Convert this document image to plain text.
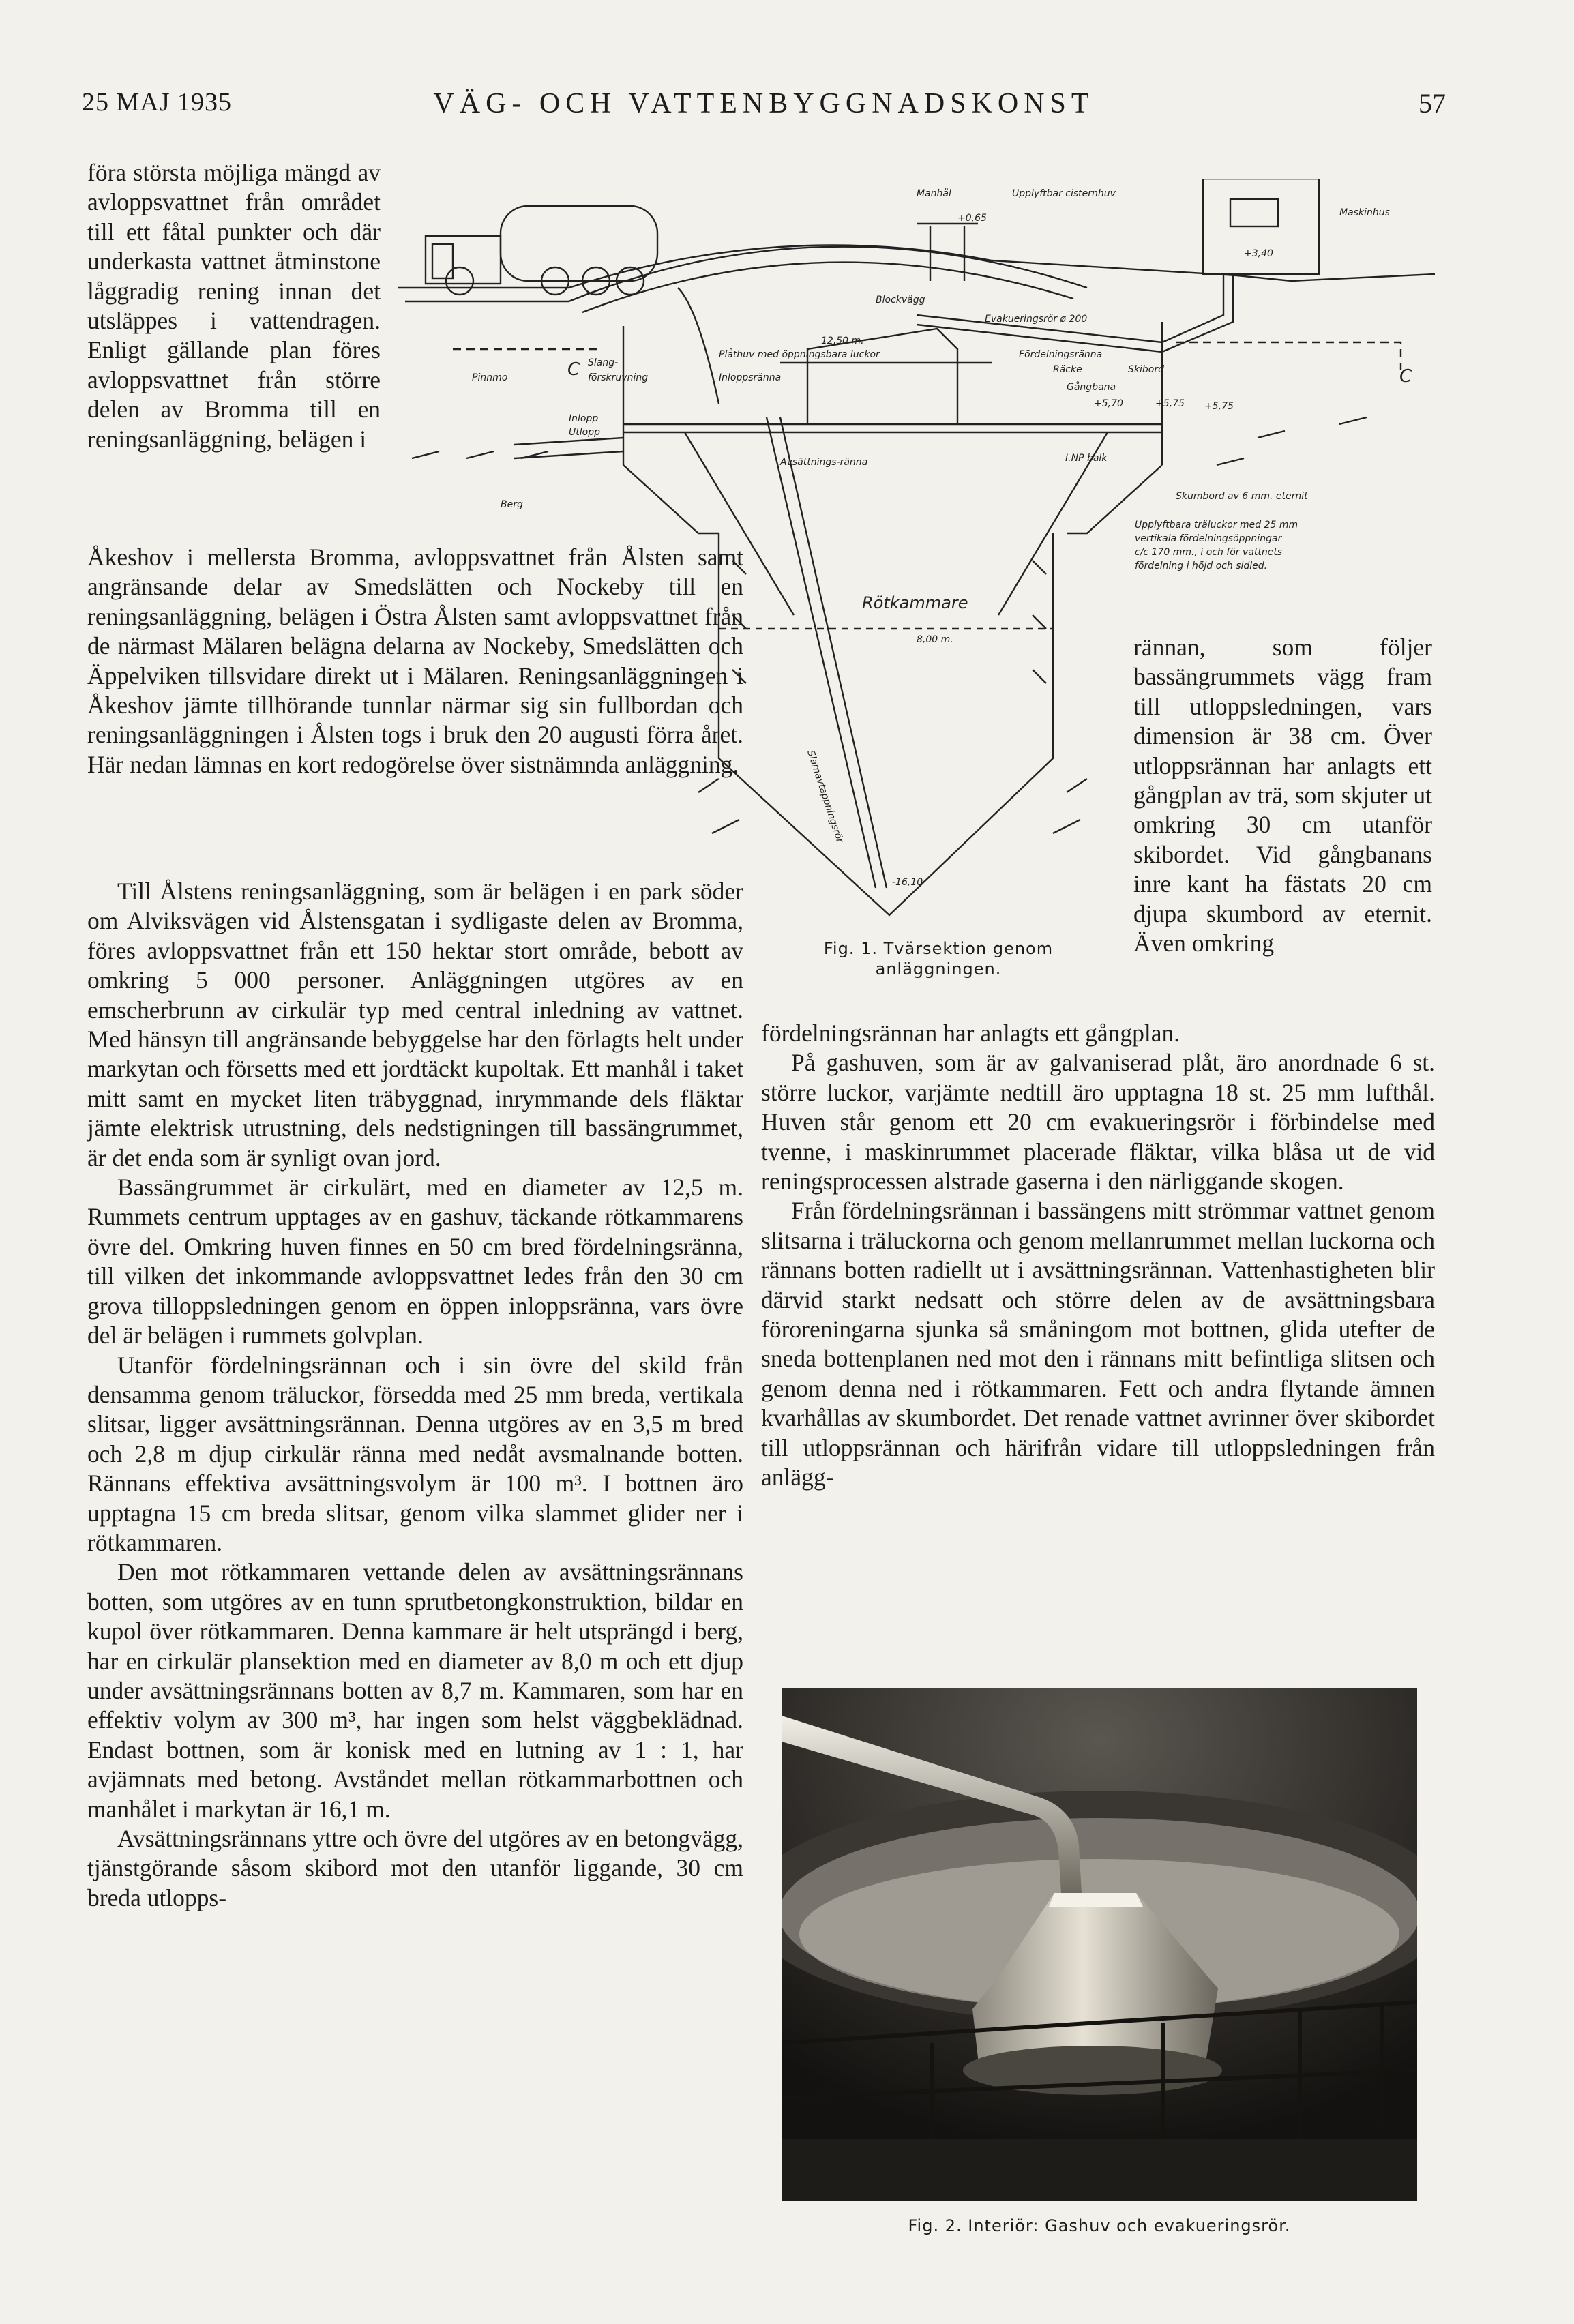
25 MAJ 1935	VÄG- OCH VATTENBYGGNADSKONST	57

föra största möjliga mängd av avloppsvattnet från området till ett fåtal punkter och där underkasta vattnet åtminstone låggradig rening innan det utsläppes i vattendragen. Enligt gällande plan föres avloppsvattnet från större delen av Bromma till en reningsanläggning, belägen i

Åkeshov i mellersta Bromma, avloppsvattnet från Ålsten samt angränsande delar av Smedslätten och Nockeby till en reningsanläggning, belägen i Östra Ålsten samt avloppsvattnet från de närmast Mälaren belägna delarna av Nockeby, Smedslätten och Äppelviken tillsvidare direkt ut i Mälaren. Reningsanläggningen i Åkeshov jämte tillhörande tunnlar närmar sig sin fullbordan och reningsanläggningen i Ålsten togs i bruk den 20 augusti förra året. Här nedan lämnas en kort redogörelse över sistnämnda anläggning.

Till Ålstens reningsanläggning, som är belägen i en park söder om Alviksvägen vid Ålstensgatan i sydligaste delen av Bromma, föres avloppsvattnet från ett 150 hektar stort område, bebott av omkring 5 000 personer. Anläggningen utgöres av en emscherbrunn av cirkulär typ med central inledning av vattnet. Med hänsyn till angränsande bebyggelse har den förlagts helt under markytan och försetts med ett jordtäckt kupoltak. Ett manhål i taket mitt samt en mycket liten träbyggnad, inrymmande dels fläktar jämte elektrisk utrustning, dels nedstigningen till bassängrummet, är det enda som är synligt ovan jord.

Bassängrummet är cirkulärt, med en diameter av 12,5 m. Rummets centrum upptages av en gashuv, täckande rötkammarens övre del. Omkring huven finnes en 50 cm bred fördelningsränna, till vilken det inkommande avloppsvattnet ledes från den 30 cm grova tilloppsledningen genom en öppen inloppsränna, vars övre del är belägen i rummets golvplan.

Utanför fördelningsrännan och i sin övre del skild från densamma genom träluckor, försedda med 25 mm breda, vertikala slitsar, ligger avsättningsrännan. Denna utgöres av en 3,5 m bred och 2,8 m djup cirkulär ränna med nedåt avsmalnande botten. Rännans effektiva avsättningsvolym är 100 m³. I bottnen äro upptagna 15 cm breda slitsar, genom vilka slammet glider ner i rötkammaren.

Den mot rötkammaren vettande delen av avsättningsrännans botten, som utgöres av en tunn sprutbetongkonstruktion, bildar en kupol över rötkammaren. Denna kammare är helt utsprängd i berg, har en cirkulär plansektion med en diameter av 8,0 m och ett djup under avsättningsrännans botten av 8,7 m. Kammaren, som har en effektiv volym av 300 m³, har ingen som helst väggbeklädnad. Endast bottnen, som är konisk med en lutning av 1 : 1, har avjämnats med betong. Avståndet mellan rötkammarbottnen och manhålet i markytan är 16,1 m.

Avsättningsrännans yttre och övre del utgöres av en betongvägg, tjänstgörande såsom skibord mot den utanför liggande, 30 cm breda utlopps-

rännan, som följer bassängrummets vägg fram till utloppsledningen, vars dimension är 38 cm. Över utloppsrännan har anlagts ett gångplan av trä, som skjuter ut omkring 30 cm utanför skibordet. Vid gångbanans inre kant ha fästats 20 cm djupa skumbord av eternit. Även omkring

fördelningsrännan har anlagts ett gångplan.

På gashuven, som är av galvaniserad plåt, äro anordnade 6 st. större luckor, varjämte nedtill äro upptagna 18 st. 25 mm lufthål. Huven står genom ett 20 cm evakueringsrör i förbindelse med tvenne, i maskinrummet placerade fläktar, vilka blåsa ut de vid reningsprocessen alstrade gaserna i den närliggande skogen.

Från fördelningsrännan i bassängens mitt strömmar vattnet genom slitsarna i träluckorna och genom mellanrummet mellan luckorna och rännans botten radiellt ut i avsättningsrännan. Vattenhastigheten blir därvid starkt nedsatt och större delen av de avsättningsbara föroreningarna sjunka så småningom mot bottnen, glida utefter de sneda bottenplanen ned mot den i rännans mitt befintliga slitsen och genom denna ned i rötkammaren. Fett och andra flytande ämnen kvarhållas av skumbordet. Det renade vattnet avrinner över skibordet till utloppsrännan och härifrån vidare till utloppsledningen från anlägg-

Manhål	Upplyftbar cisternhuv
Maskinhus
+0,65
+3,40
Blockvägg
Evakueringsrör ø 200
Pinnmo
Slang-
förskruvning
C	C
12,50 m.
Plåthuv med öppningsbara luckor
Inloppsränna
Fördelningsränna
Räcke	Skibord
Gångbana
Inlopp
Utlopp
+5,70	+5,75 +5,75
I.NP balk
Avsättnings-ränna
Berg
Skumbord av 6 mm. eternit
Upplyftbara träluckor med 25 mm
vertikala fördelningsöppningar
c/c 170 mm., i och för vattnets
fördelning i höjd och sidled.
Rötkammare
8,00 m.
Slamavtappningsrör
-16,10
Fig. 1. Tvärsektion genom anläggningen.
Fig. 2. Interiör: Gashuv och evakueringsrör.
